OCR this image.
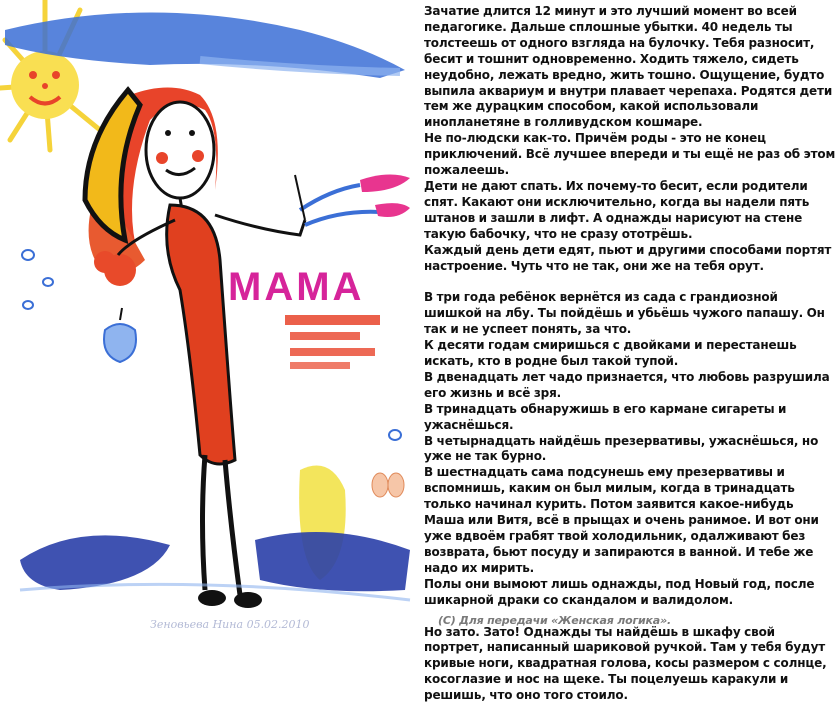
МАМА
Зеновьева Нина 05.02.2010

Зачатие длится 12 минут и это лучший момент во всей педагогике. Дальше сплошные убытки. 40 недель ты толстеешь от одного взгляда на булочку. Тебя разносит, бесит и тошнит одновременно. Ходить тяжело, сидеть неудобно, лежать вредно, жить тошно. Ощущение, будто выпила аквариум и внутри плавает черепаха. Родятся дети тем же дурацким способом, какой использовали инопланетяне в голливудском кошмаре.

Не по-людски как-то. Причём роды - это не конец приключений. Всё лучшее впереди и ты ещё не раз об этом пожалеешь.

Дети не дают спать. Их почему-то бесит, если родители спят. Какают они исключительно, когда вы надели пять штанов и зашли в лифт. А однажды нарисуют на стене такую бабочку, что не сразу ототрёшь.

Каждый день дети едят, пьют и другими способами портят настроение. Чуть что не так, они же на тебя орут.

В три года ребёнок вернётся из сада с грандиозной шишкой на лбу. Ты пойдёшь и убьёшь чужого папашу. Он так и не успеет понять, за что.

К десяти годам смиришься с двойками и перестанешь искать, кто в родне был такой тупой.

В двенадцать лет чадо признается, что любовь разрушила его жизнь и всё зря.

В тринадцать обнаружишь в его кармане сигареты и ужаснёшься.

В четырнадцать найдёшь презервативы, ужаснёшься, но уже не так бурно.

В шестнадцать сама подсунешь ему презервативы и вспомнишь, каким он был милым, когда в тринадцать только начинал курить. Потом заявится какое-нибудь Маша или Витя, всё в прыщах и очень ранимое. И вот они уже вдвоём грабят твой холодильник, одалживают без возврата, бьют посуду и запираются в ванной. И тебе же надо их мирить.

Полы они вымоют лишь однажды, под Новый год, после шикарной драки со скандалом и валидолом.

Но зато. Зато! Однажды ты найдёшь в шкафу свой портрет, написанный шариковой ручкой. Там у тебя будут кривые ноги, квадратная голова, косы размером с солнце, косоглазие и нос на щеке. Ты поцелуешь каракули и решишь, что оно того стоило.

(С) Для передачи «Женская логика».
